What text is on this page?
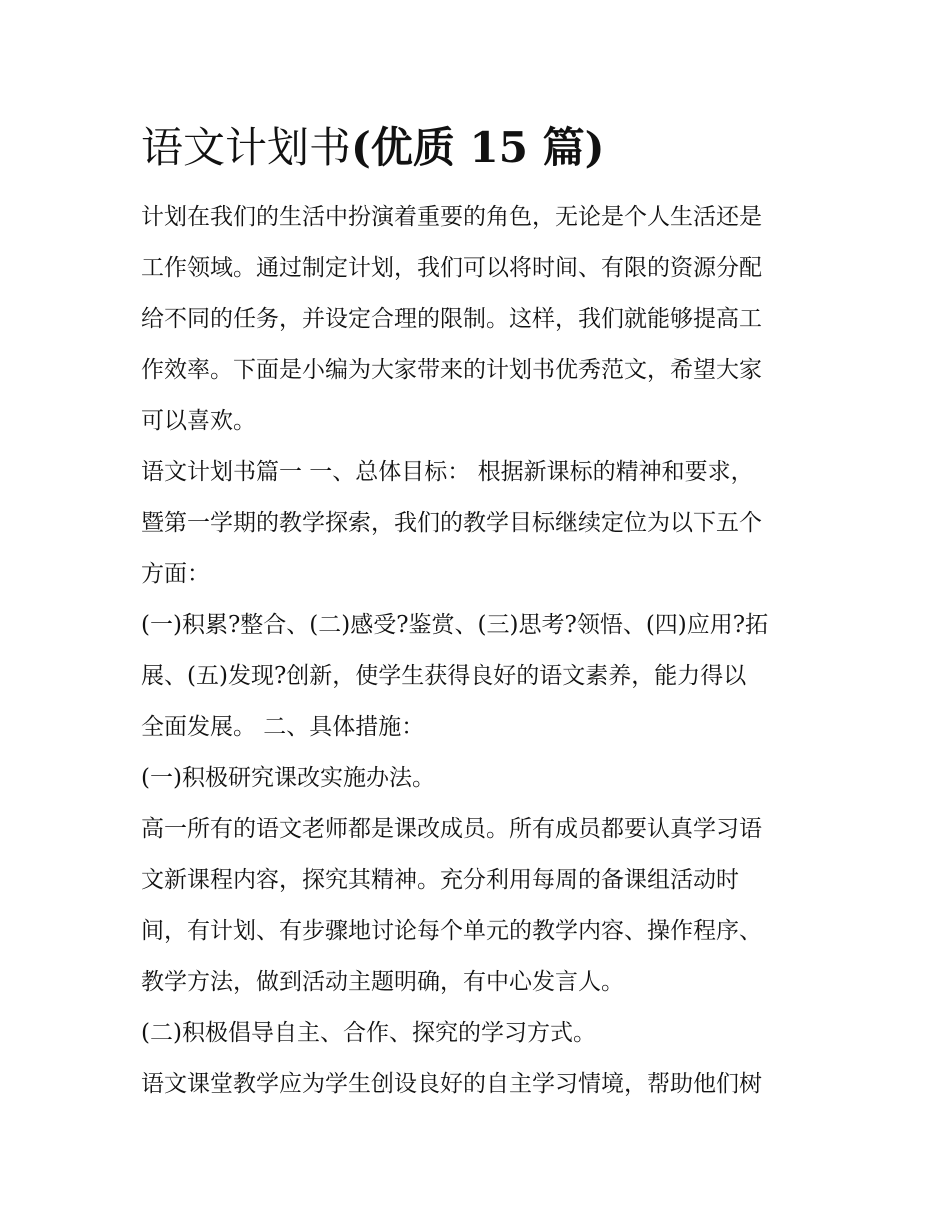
语文计划书(优质 15 篇)

计划在我们的生活中扮演着重要的角色，无论是个人生活还是
工作领域。通过制定计划，我们可以将时间、有限的资源分配
给不同的任务，并设定合理的限制。这样，我们就能够提高工
作效率。下面是小编为大家带来的计划书优秀范文，希望大家
可以喜欢。

语文计划书篇一 一、总体目标： 根据新课标的精神和要求，
暨第一学期的教学探索，我们的教学目标继续定位为以下五个
方面：

(一)积累?整合、(二)感受?鉴赏、(三)思考?领悟、(四)应用?拓
展、(五)发现?创新，使学生获得良好的语文素养，能力得以
全面发展。 二、具体措施：

(一)积极研究课改实施办法。

高一所有的语文老师都是课改成员。所有成员都要认真学习语
文新课程内容，探究其精神。充分利用每周的备课组活动时
间，有计划、有步骤地讨论每个单元的教学内容、操作程序、
教学方法，做到活动主题明确，有中心发言人。

(二)积极倡导自主、合作、探究的学习方式。

语文课堂教学应为学生创设良好的自主学习情境，帮助他们树
